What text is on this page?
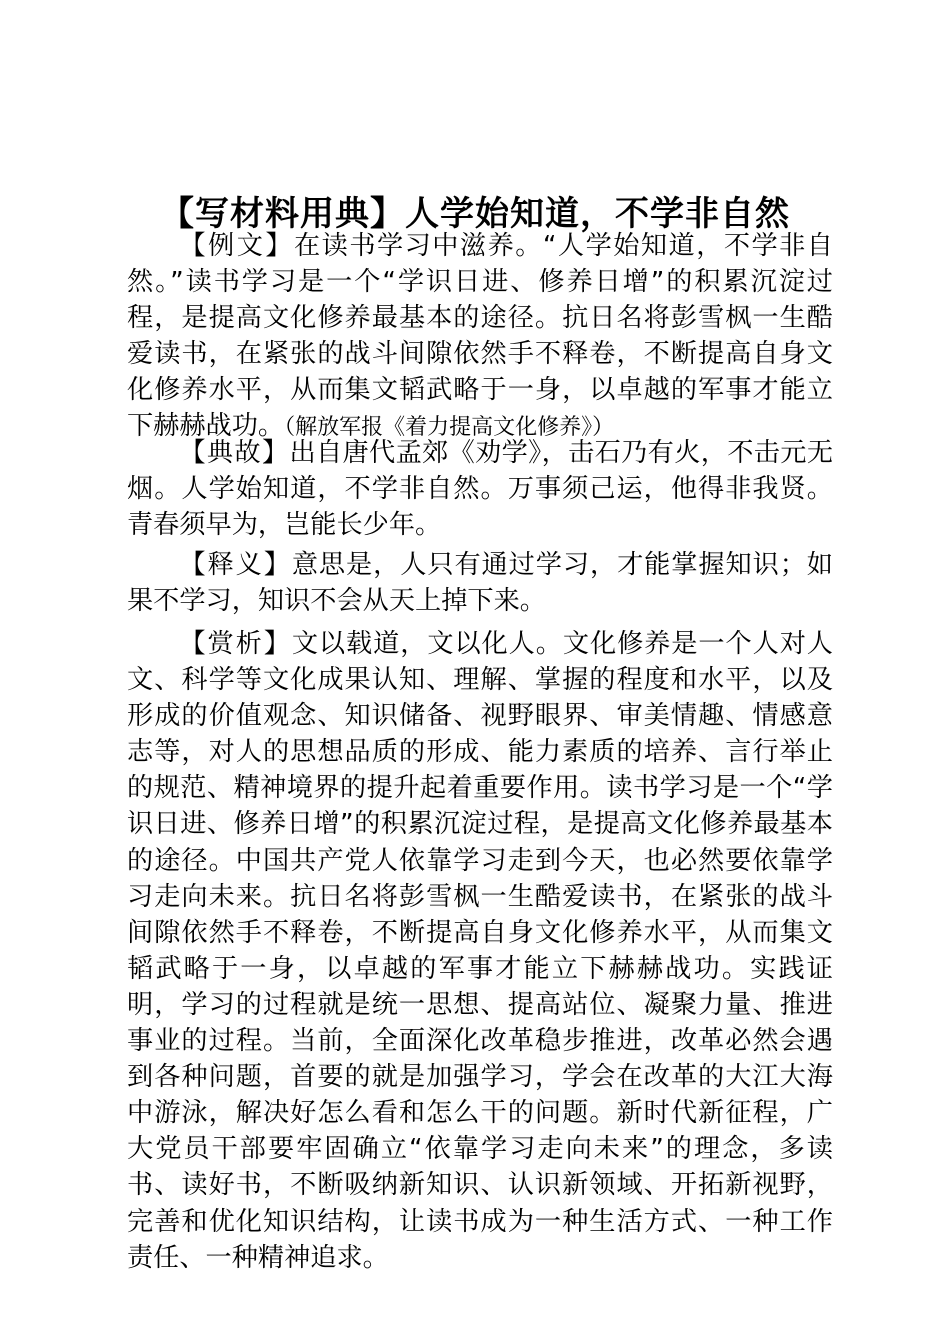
【写材料用典】人学始知道，不学非自然

【例文】在读书学习中滋养。“人学始知道，不学非自然。”读书学习是一个“学识日进、修养日增”的积累沉淀过程，是提高文化修养最基本的途径。抗日名将彭雪枫一生酷爱读书，在紧张的战斗间隙依然手不释卷，不断提高自身文化修养水平，从而集文韬武略于一身，以卓越的军事才能立下赫赫战功。（解放军报《着力提高文化修养》）

【典故】出自唐代孟郊《劝学》，击石乃有火，不击元无烟。人学始知道，不学非自然。万事须己运，他得非我贤。青春须早为，岂能长少年。

【释义】意思是，人只有通过学习，才能掌握知识；如果不学习，知识不会从天上掉下来。

【赏析】文以载道，文以化人。文化修养是一个人对人文、科学等文化成果认知、理解、掌握的程度和水平，以及形成的价值观念、知识储备、视野眼界、审美情趣、情感意志等，对人的思想品质的形成、能力素质的培养、言行举止的规范、精神境界的提升起着重要作用。读书学习是一个“学识日进、修养日增”的积累沉淀过程，是提高文化修养最基本的途径。中国共产党人依靠学习走到今天，也必然要依靠学习走向未来。抗日名将彭雪枫一生酷爱读书，在紧张的战斗间隙依然手不释卷，不断提高自身文化修养水平，从而集文韬武略于一身，以卓越的军事才能立下赫赫战功。实践证明，学习的过程就是统一思想、提高站位、凝聚力量、推进事业的过程。当前，全面深化改革稳步推进，改革必然会遇到各种问题，首要的就是加强学习，学会在改革的大江大海中游泳，解决好怎么看和怎么干的问题。新时代新征程，广大党员干部要牢固确立“依靠学习走向未来”的理念，多读书、读好书，不断吸纳新知识、认识新领域、开拓新视野，完善和优化知识结构，让读书成为一种生活方式、一种工作责任、一种精神追求。
